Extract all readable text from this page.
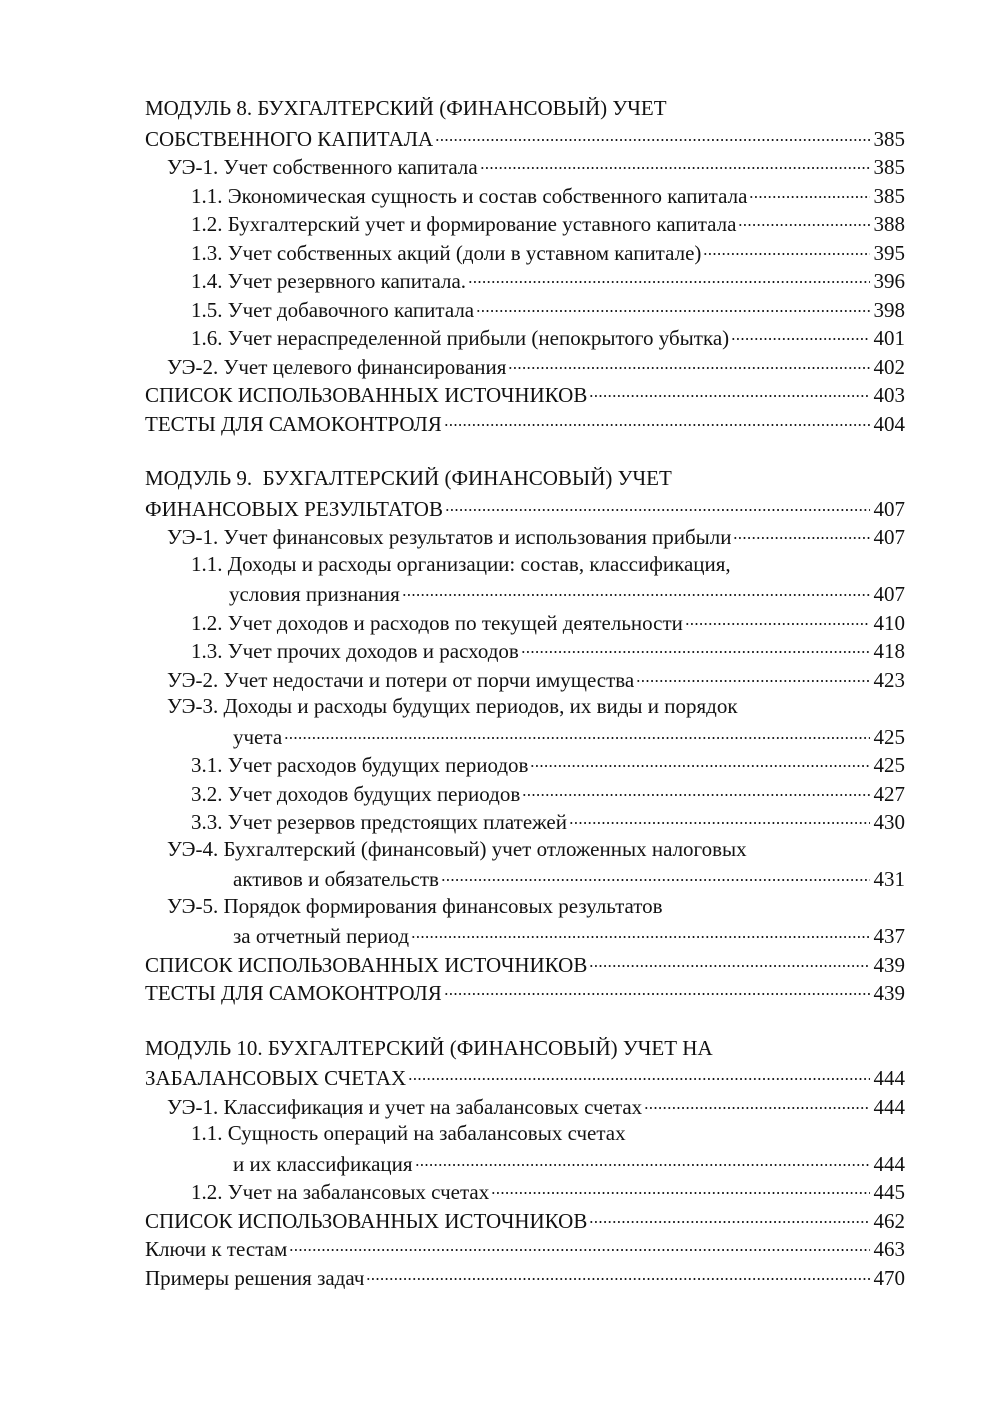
МОДУЛЬ 8. БУХГАЛТЕРСКИЙ (ФИНАНСОВЫЙ) УЧЕТ
СОБСТВЕННОГО КАПИТАЛА	385
УЭ-1. Учет собственного капитала	385
1.1. Экономическая сущность и состав собственного капитала	385
1.2. Бухгалтерский учет и формирование уставного капитала	388
1.3. Учет собственных акций (доли в уставном капитале)	395
1.4. Учет резервного капитала.	396
1.5. Учет добавочного капитала	398
1.6. Учет нераспределенной прибыли (непокрытого убытка)	401
УЭ-2. Учет целевого финансирования	402
СПИСОК ИСПОЛЬЗОВАННЫХ ИСТОЧНИКОВ	403
ТЕСТЫ ДЛЯ САМОКОНТРОЛЯ	404
МОДУЛЬ 9.  БУХГАЛТЕРСКИЙ (ФИНАНСОВЫЙ) УЧЕТ
ФИНАНСОВЫХ РЕЗУЛЬТАТОВ	407
УЭ-1. Учет финансовых результатов и использования прибыли	407
1.1. Доходы и расходы организации: состав, классификация,
условия признания	407
1.2. Учет доходов и расходов по текущей деятельности	410
1.3. Учет прочих доходов и расходов	418
УЭ-2. Учет недостачи и потери от порчи имущества	423
УЭ-3. Доходы и расходы будущих периодов, их виды и порядок
учета	425
3.1. Учет расходов будущих периодов	425
3.2. Учет доходов будущих периодов	427
3.3. Учет резервов предстоящих платежей	430
УЭ-4. Бухгалтерский (финансовый) учет отложенных налоговых
активов и обязательств	431
УЭ-5. Порядок формирования финансовых результатов
за отчетный период	437
СПИСОК ИСПОЛЬЗОВАННЫХ ИСТОЧНИКОВ	439
ТЕСТЫ ДЛЯ САМОКОНТРОЛЯ	439
МОДУЛЬ 10. БУХГАЛТЕРСКИЙ (ФИНАНСОВЫЙ) УЧЕТ НА
ЗАБАЛАНСОВЫХ СЧЕТАХ	444
УЭ-1. Классификация и учет на забалансовых счетах	444
1.1. Сущность операций на забалансовых счетах
и их классификация	444
1.2. Учет на забалансовых счетах	445
СПИСОК ИСПОЛЬЗОВАННЫХ ИСТОЧНИКОВ	462
Ключи к тестам	463
Примеры решения задач	470
